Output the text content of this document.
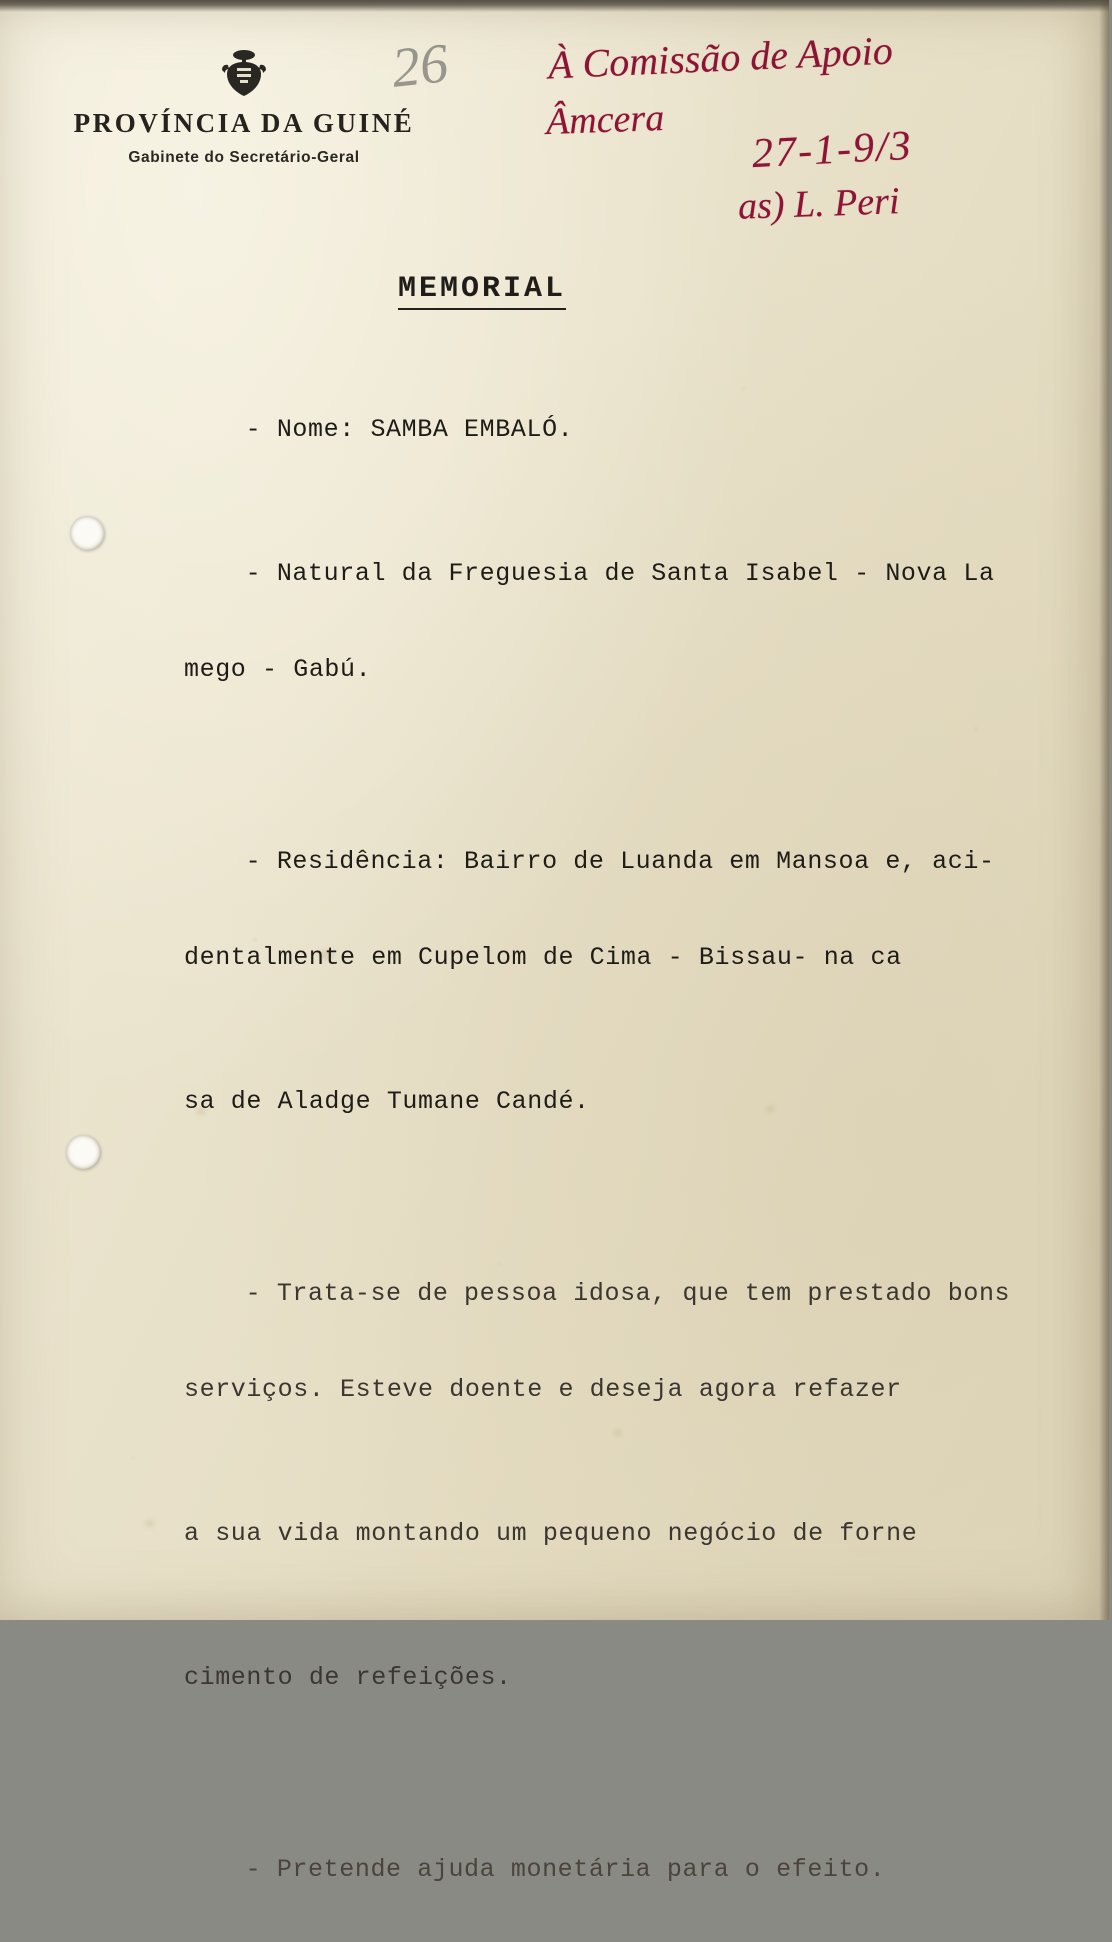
PROVÍNCIA DA GUINÉ
Gabinete do Secretário-Geral
26 À Comissão de Apoio
Âmcera
27-1-9/3
as) L. Peri
MEMORIAL

- Nome: SAMBA EMBALÓ.

- Natural da Freguesia de Santa Isabel - Nova La

mego - Gabú.

- Residência: Bairro de Luanda em Mansoa e, aci-

dentalmente em Cupelom de Cima - Bissau- na ca

sa de Aladge Tumane Candé.

- Trata-se de pessoa idosa, que tem prestado bons

serviços. Esteve doente e deseja agora refazer

a sua vida montando um pequeno negócio de forne

cimento de refeições.

- Pretende ajuda monetária para o efeito.
